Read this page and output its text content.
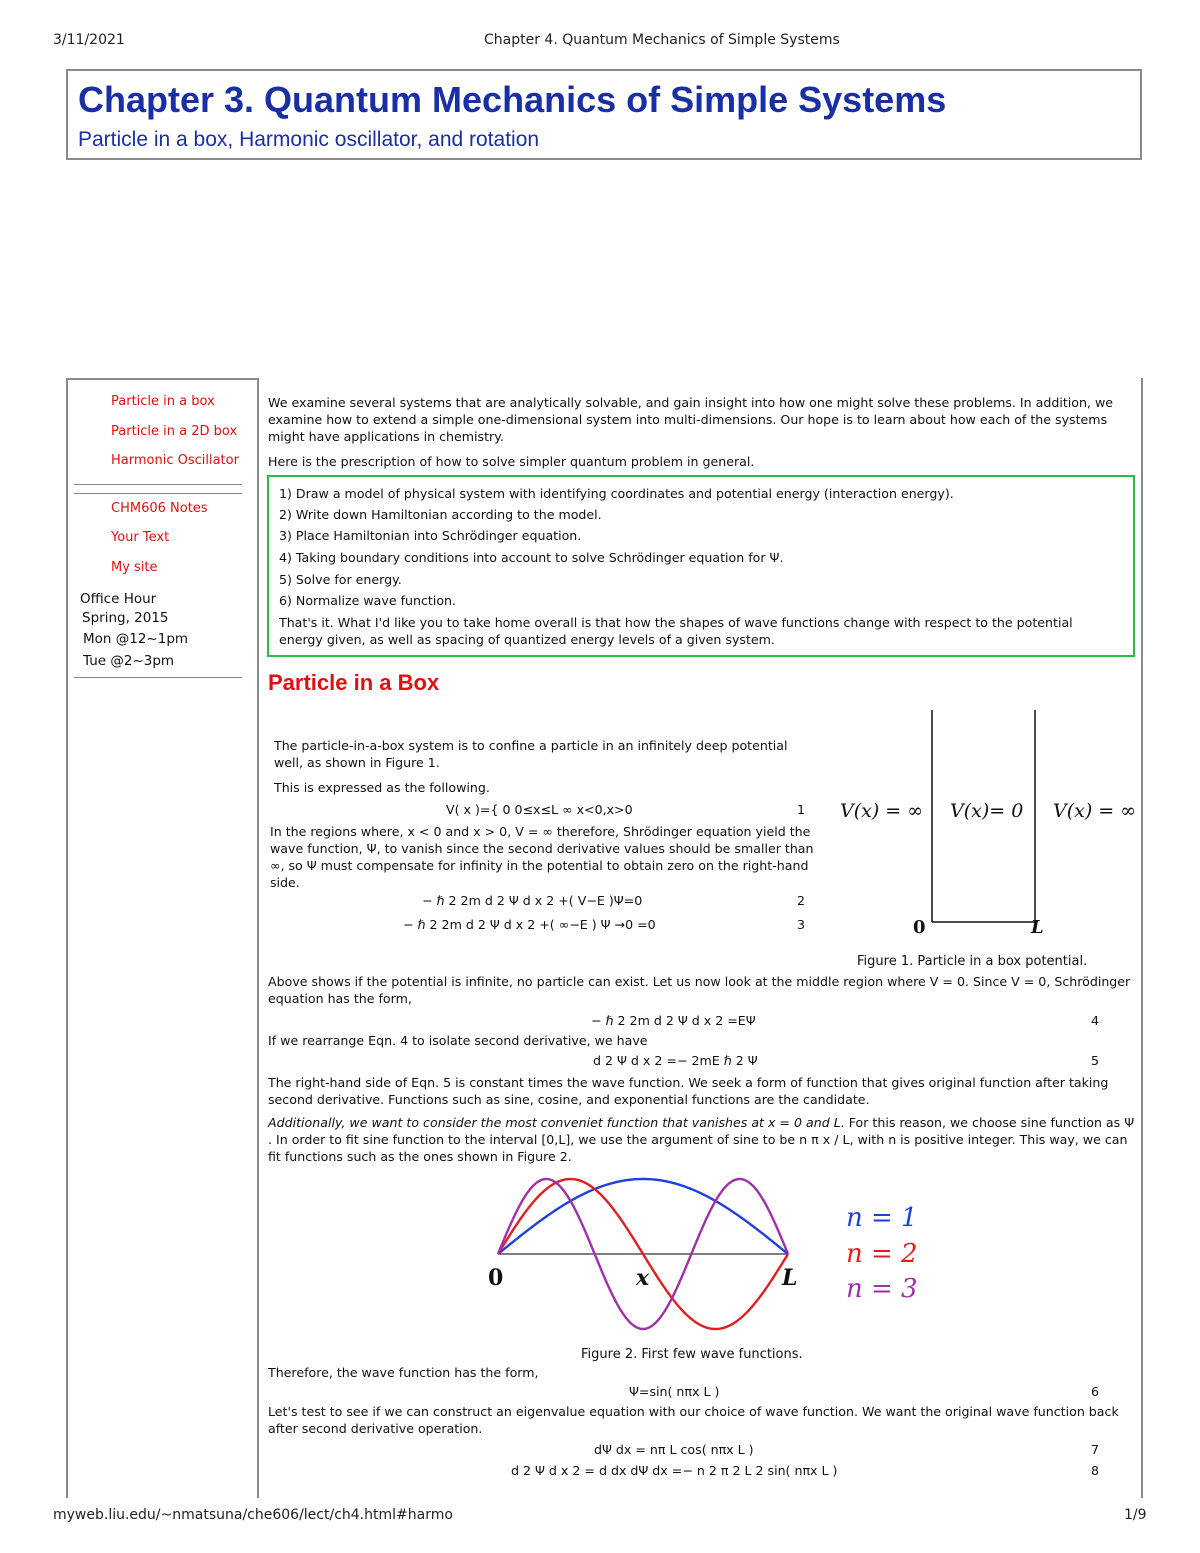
3/11/2021	Chapter 4. Quantum Mechanics of Simple Systems
Chapter 3. Quantum Mechanics of Simple Systems
Particle in a box, Harmonic oscillator, and rotation
Particle in a box
Particle in a 2D box
Harmonic Oscillator
CHM606 Notes
Your Text
My site
Office Hour
Spring, 2015
Mon @12~1pm
Tue @2~3pm
We examine several systems that are analytically solvable, and gain insight into how one might solve these problems. In addition, we examine how to extend a simple one-dimensional system into multi-dimensions. Our hope is to learn about how each of the systems might have applications in chemistry.
Here is the prescription of how to solve simpler quantum problem in general.
1) Draw a model of physical system with identifying coordinates and potential energy (interaction energy).
2) Write down Hamiltonian according to the model.
3) Place Hamiltonian into Schrödinger equation.
4) Taking boundary conditions into account to solve Schrödinger equation for Ψ.
5) Solve for energy.
6) Normalize wave function.
That's it. What I'd like you to take home overall is that how the shapes of wave functions change with respect to the potential energy given, as well as spacing of quantized energy levels of a given system.
Particle in a Box
The particle-in-a-box system is to confine a particle in an infinitely deep potential well, as shown in Figure 1.
This is expressed as the following.
V( x )={ 0 0≤x≤L ∞ x<0,x>0	1
In the regions where, x < 0 and x > 0, V = ∞ therefore, Shrödinger equation yield the wave function, Ψ, to vanish since the second derivative values should be smaller than ∞, so Ψ must compensate for infinity in the potential to obtain zero on the right-hand side.
− ℏ 2 2m d 2 Ψ d x 2 +( V−E )Ψ=0	2
− ℏ 2 2m d 2 Ψ d x 2 +( ∞−E ) Ψ →0 =0	3
V(x) = ∞ V(x)= 0 V(x) = ∞
0	L
Figure 1. Particle in a box potential.
Above shows if the potential is infinite, no particle can exist. Let us now look at the middle region where V = 0. Since V = 0, Schrödinger equation has the form,
− ℏ 2 2m d 2 Ψ d x 2 =EΨ	4
If we rearrange Eqn. 4 to isolate second derivative, we have
d 2 Ψ d x 2 =− 2mE ℏ 2 Ψ	5
The right-hand side of Eqn. 5 is constant times the wave function. We seek a form of function that gives original function after taking second derivative. Functions such as sine, cosine, and exponential functions are the candidate.
Additionally, we want to consider the most conveniet function that vanishes at x = 0 and L. For this reason, we choose sine function as Ψ . In order to fit sine function to the interval [0,L], we use the argument of sine to be n π x / L, with n is positive integer. This way, we can fit functions such as the ones shown in Figure 2.
0	x	L
n = 1
n = 2
n = 3
Figure 2. First few wave functions.
Therefore, the wave function has the form,
Ψ=sin( nπx L )	6
Let's test to see if we can construct an eigenvalue equation with our choice of wave function. We want the original wave function back after second derivative operation.
dΨ dx = nπ L cos( nπx L )	7
d 2 Ψ d x 2 = d dx dΨ dx =− n 2 π 2 L 2 sin( nπx L )	8
myweb.liu.edu/~nmatsuna/che606/lect/ch4.html#harmo	1/9
